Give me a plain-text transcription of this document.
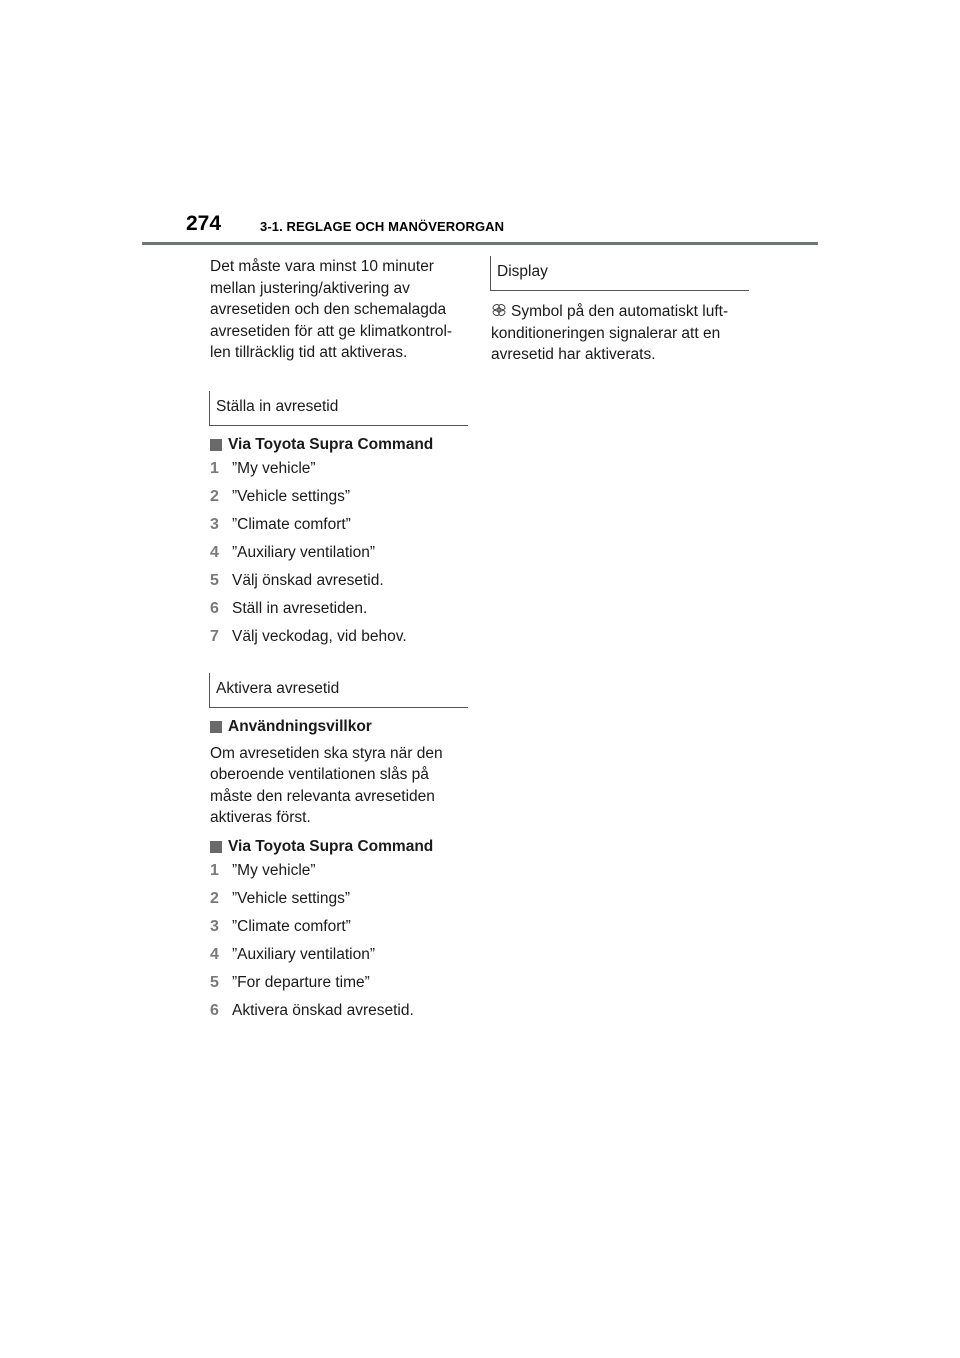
274	3-1. REGLAGE OCH MANÖVERORGAN

Det måste vara minst 10 minuter mellan justering/aktivering av avresetiden och den schemalagda avresetiden för att ge klimatkontrol-len tillräcklig tid att aktiveras.

Ställa in avresetid
Via Toyota Supra Command
1 ”My vehicle”
2 ”Vehicle settings”
3 ”Climate comfort”
4 ”Auxiliary ventilation”
5 Välj önskad avresetid.
6 Ställ in avresetiden.
7 Välj veckodag, vid behov.
Aktivera avresetid
Användningsvillkor

Om avresetiden ska styra när den oberoende ventilationen slås på måste den relevanta avresetiden aktiveras först.

Via Toyota Supra Command
1 ”My vehicle”
2 ”Vehicle settings”
3 ”Climate comfort”
4 ”Auxiliary ventilation”
5 ”For departure time”
6 Aktivera önskad avresetid.
Display

Symbol på den automatiskt luft-konditioneringen signalerar att en avresetid har aktiverats.
